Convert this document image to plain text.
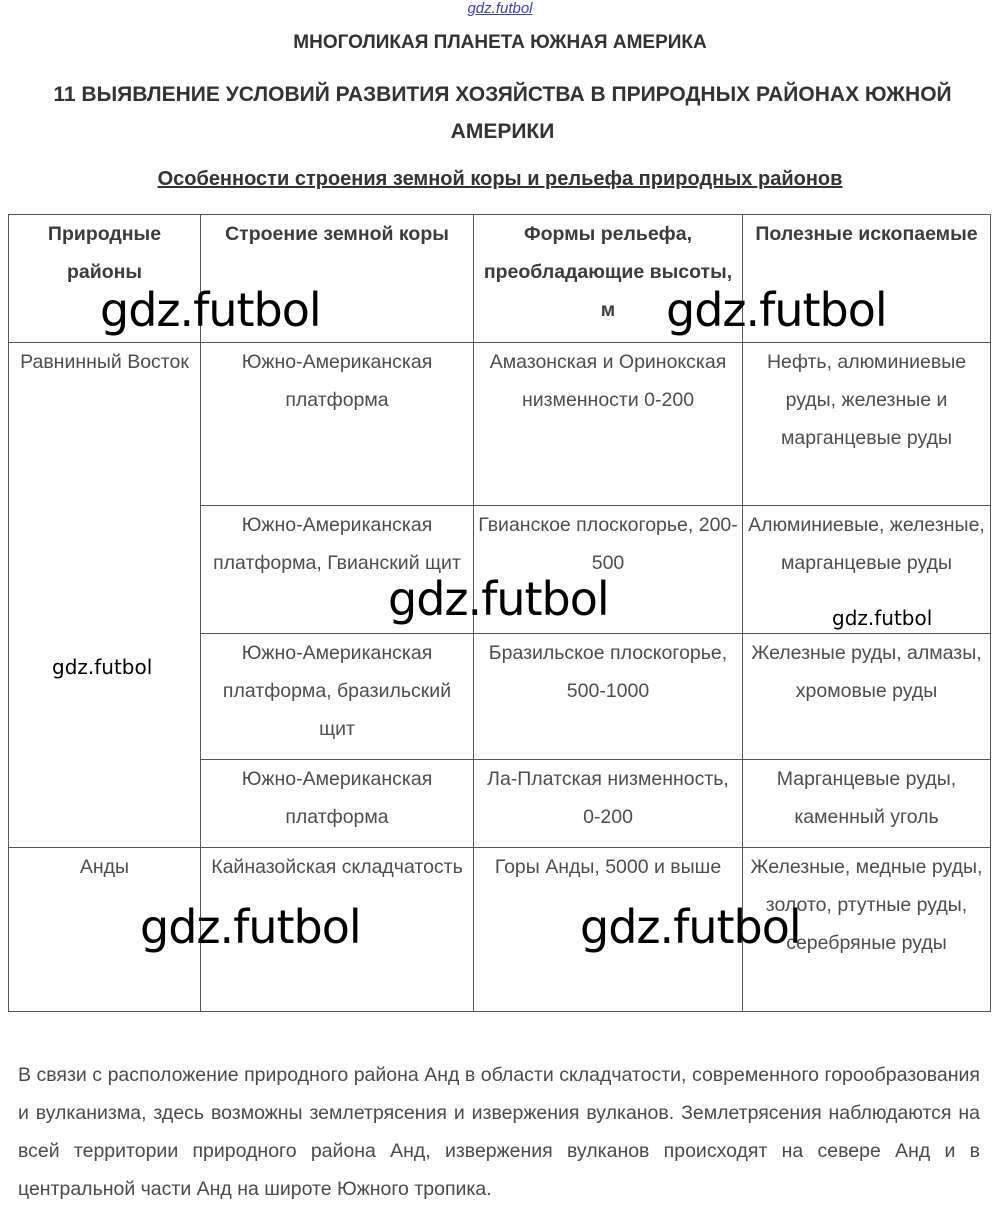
gdz.futbol
МНОГОЛИКАЯ ПЛАНЕТА ЮЖНАЯ АМЕРИКА
11 ВЫЯВЛЕНИЕ УСЛОВИЙ РАЗВИТИЯ ХОЗЯЙСТВА В ПРИРОДНЫХ РАЙОНАХ ЮЖНОЙ АМЕРИКИ
Особенности строения земной коры и рельефа природных районов
Природные районы	Строение земной коры	Формы рельефа, преобладающие высоты, м	Полезные ископаемые
Равнинный Восток	Южно-Американская платформа	Амазонская и Оринокская низменности 0-200	Нефть, алюминиевые руды, железные и марганцевые руды
	Южно-Американская платформа, Гвианский щит	Гвианское плоскогорье, 200-500	Алюминиевые, железные, марганцевые руды
	Южно-Американская платформа, бразильский щит	Бразильское плоскогорье, 500-1000	Железные руды, алмазы, хромовые руды
	Южно-Американская платформа	Ла-Платская низменность, 0-200	Марганцевые руды, каменный уголь
Анды	Кайназойская складчатость	Горы Анды, 5000 и выше	Железные, медные руды, золото, ртутные руды, серебряные руды
В связи с расположение природного района Анд в области складчатости, современного горообразования и вулканизма, здесь возможны землетрясения и извержения вулканов. Землетрясения наблюдаются на всей территории природного района Анд, извержения вулканов происходят на севере Анд и в центральной части Анд на широте Южного тропика.
gdz.futbol	gdz.futbol
gdz.futbol	gdz.futbol
gdz.futbol
gdz.futbol	gdz.futbol
